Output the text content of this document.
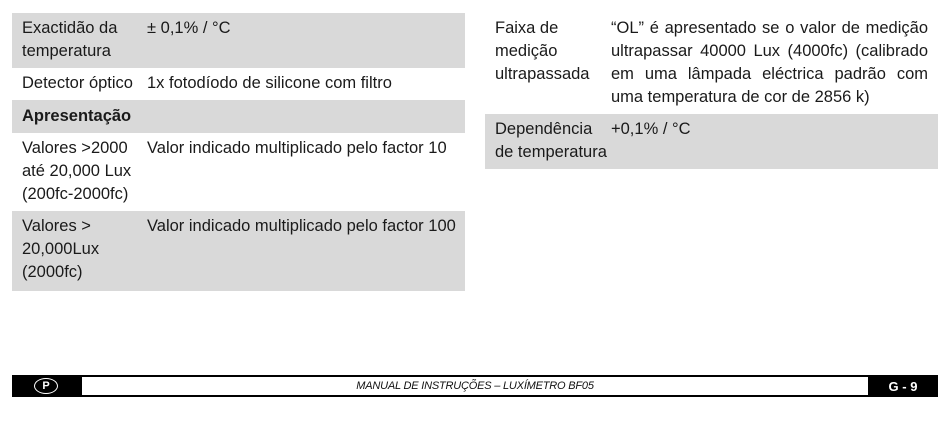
Exactidão da temperatura
± 0,1% / °C
Detector óptico 1x fotodíodo de silicone com filtro
Apresentação
Valores >2000 até 20,000 Lux (200fc-2000fc)
Valor indicado multiplicado pelo factor 10
Valores > 20,000Lux (2000fc)
Valor indicado multiplicado pelo factor 100
Faixa de medição ultrapassada
“OL” é apresentado se o valor de medição ultrapassar 40000 Lux (4000fc) (calibrado em uma lâmpada eléctrica padrão com uma temperatura de cor de 2856 k)
Dependência de temperatura
+0,1% / °C
P	MANUAL DE INSTRUÇÕES – LUXÍMETRO BF05	G - 9
